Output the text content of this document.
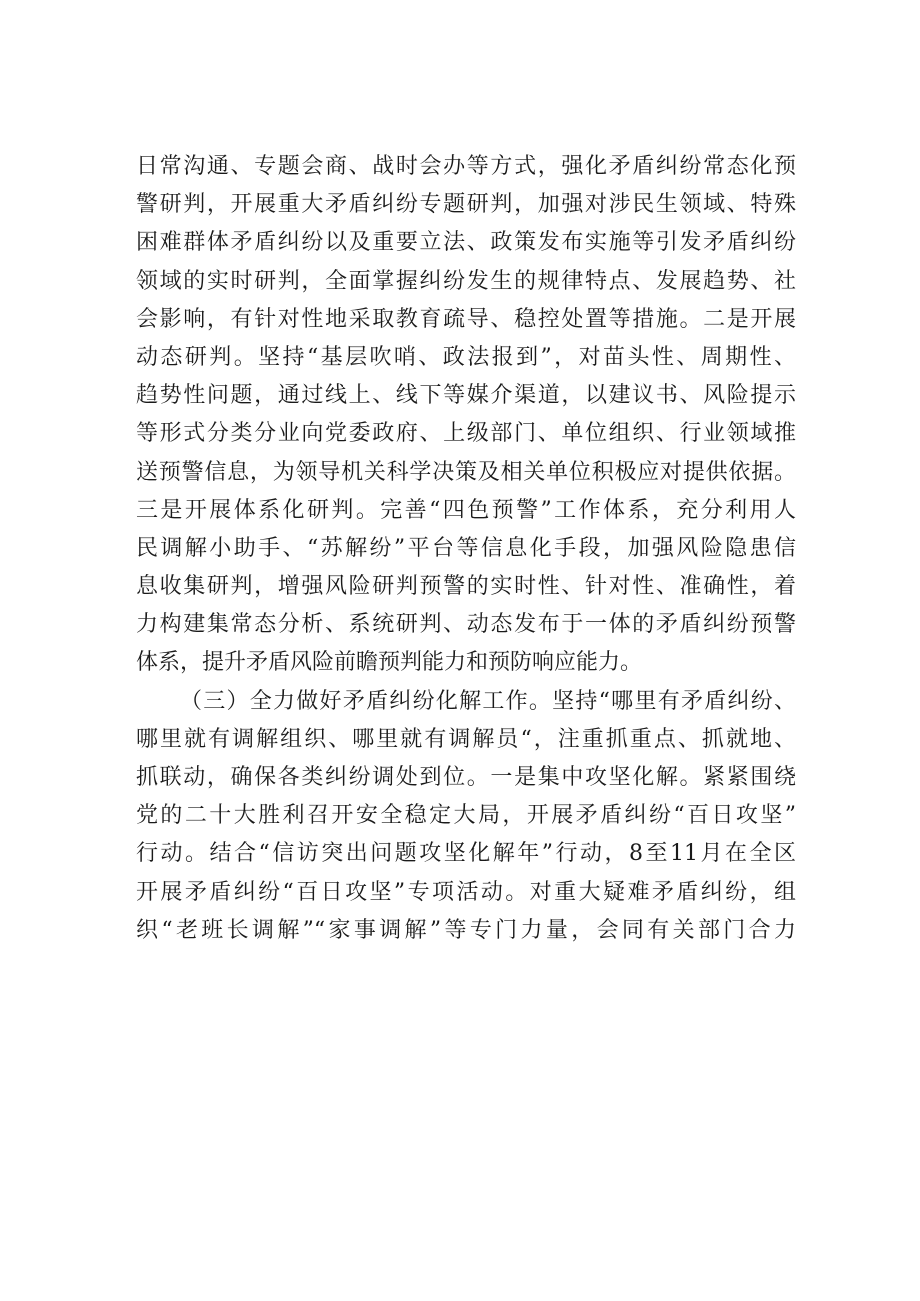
日常沟通、专题会商、战时会办等方式，强化矛盾纠纷常态化预
警研判，开展重大矛盾纠纷专题研判，加强对涉民生领域、特殊
困难群体矛盾纠纷以及重要立法、政策发布实施等引发矛盾纠纷
领域的实时研判，全面掌握纠纷发生的规律特点、发展趋势、社
会影响，有针对性地采取教育疏导、稳控处置等措施。二是开展
动态研判。坚持“基层吹哨、政法报到”，对苗头性、周期性、
趋势性问题，通过线上、线下等媒介渠道，以建议书、风险提示
等形式分类分业向党委政府、上级部门、单位组织、行业领域推
送预警信息，为领导机关科学决策及相关单位积极应对提供依据。
三是开展体系化研判。完善“四色预警”工作体系，充分利用人
民调解小助手、“苏解纷”平台等信息化手段，加强风险隐患信
息收集研判，增强风险研判预警的实时性、针对性、准确性，着
力构建集常态分析、系统研判、动态发布于一体的矛盾纠纷预警
体系，提升矛盾风险前瞻预判能力和预防响应能力。
（三）全力做好矛盾纠纷化解工作。坚持“哪里有矛盾纠纷、
哪里就有调解组织、哪里就有调解员“，注重抓重点、抓就地、
抓联动，确保各类纠纷调处到位。一是集中攻坚化解。紧紧围绕
党的二十大胜利召开安全稳定大局，开展矛盾纠纷“百日攻坚”
行动。结合“信访突出问题攻坚化解年”行动，8至11月在全区
开展矛盾纠纷“百日攻坚”专项活动。对重大疑难矛盾纠纷，组
织“老班长调解”“家事调解”等专门力量，会同有关部门合力
